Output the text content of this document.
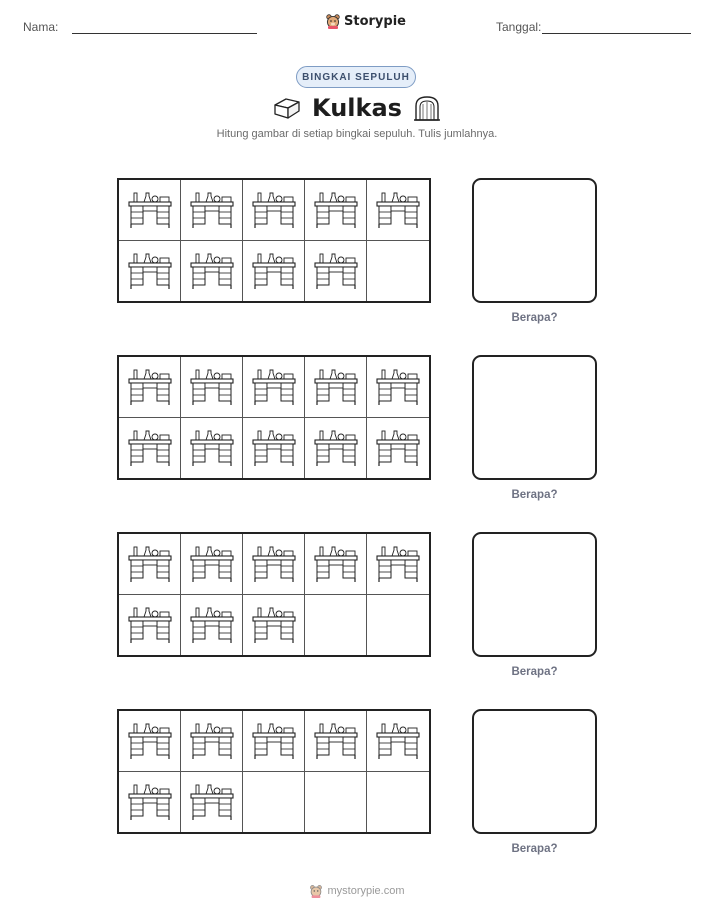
Nama:	Storypie	Tanggal:
BINGKAI SEPULUH
Kulkas
Hitung gambar di setiap bingkai sepuluh. Tulis jumlahnya.
Berapa?
Berapa?
Berapa?
Berapa?
mystorypie.com
